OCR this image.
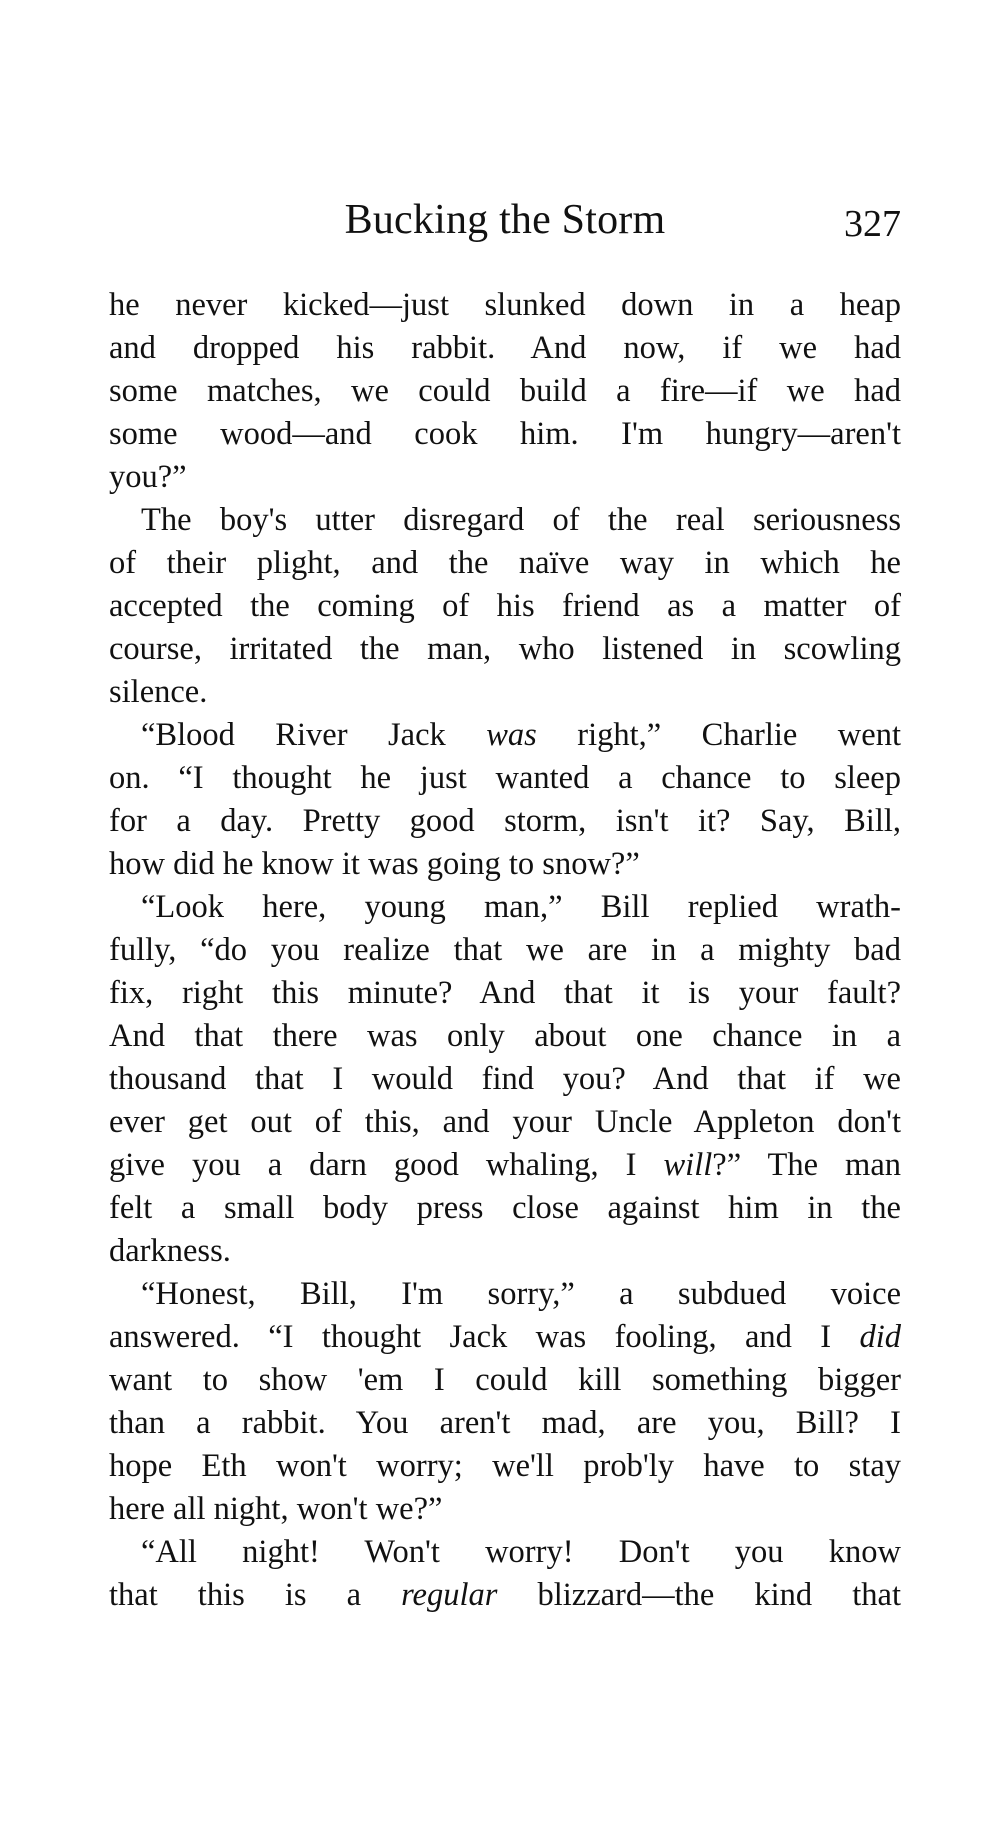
Bucking the Storm	327

he never kicked—just slunked down in a heap
and dropped his rabbit. And now, if we had
some matches, we could build a fire—if we had
some wood—and cook him. I'm hungry—aren't
you?”

The boy's utter disregard of the real seriousness
of their plight, and the naïve way in which he
accepted the coming of his friend as a matter of
course, irritated the man, who listened in scowling
silence.

“Blood River Jack was right,” Charlie went
on. “I thought he just wanted a chance to sleep
for a day. Pretty good storm, isn't it? Say, Bill,
how did he know it was going to snow?”

“Look here, young man,” Bill replied wrath-
fully, “do you realize that we are in a mighty bad
fix, right this minute? And that it is your fault?
And that there was only about one chance in a
thousand that I would find you? And that if we
ever get out of this, and your Uncle Appleton don't
give you a darn good whaling, I will?” The man
felt a small body press close against him in the
darkness.

“Honest, Bill, I'm sorry,” a subdued voice
answered. “I thought Jack was fooling, and I did
want to show 'em I could kill something bigger
than a rabbit. You aren't mad, are you, Bill? I
hope Eth won't worry; we'll prob'ly have to stay
here all night, won't we?”

“All night! Won't worry! Don't you know
that this is a regular blizzard—the kind that
